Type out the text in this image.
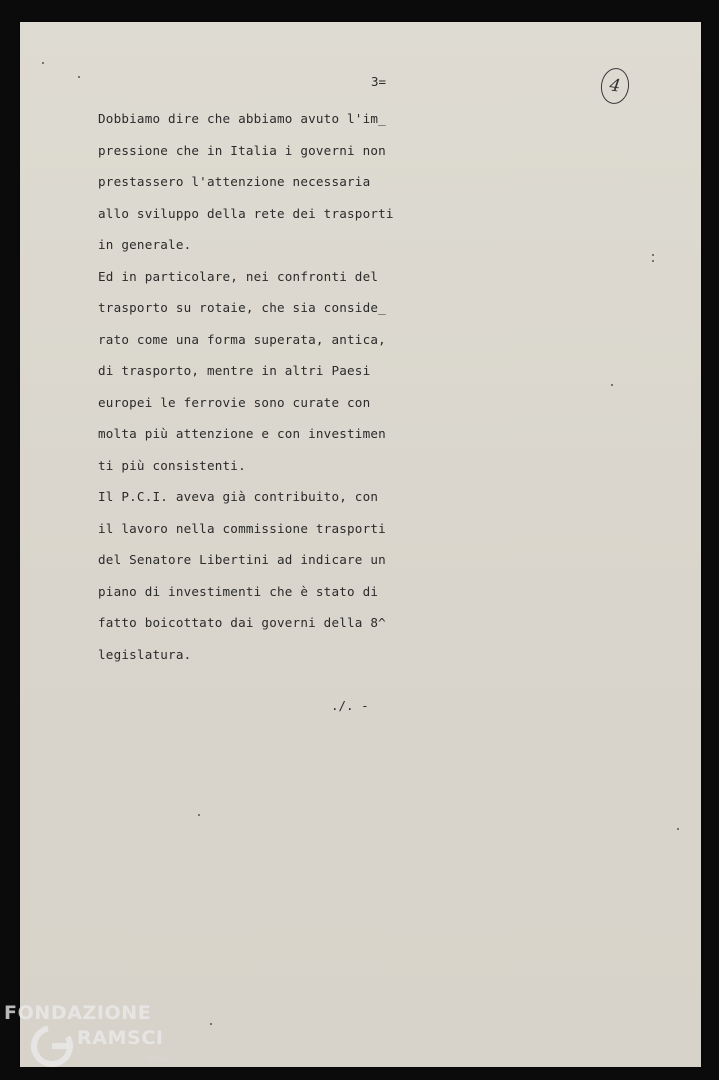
3=	4
Dobbiamo dire che abbiamo avuto l'im_
pressione che in Italia i governi non
prestassero l'attenzione necessaria
allo sviluppo della rete dei trasporti
in generale.
Ed in particolare, nei confronti del
trasporto su rotaie, che sia conside_
rato come una forma superata, antica,
di trasporto, mentre in altri Paesi
europei le ferrovie sono curate con
molta più attenzione e con investimen
ti più consistenti.
Il P.C.I. aveva già contribuito, con
il lavoro nella commissione trasporti
del Senatore Libertini ad indicare un
piano di investimenti che è stato di
fatto boicottato dai governi della 8^
legislatura.
./. -
FONDAZIONE
RAMSCI
onlus
